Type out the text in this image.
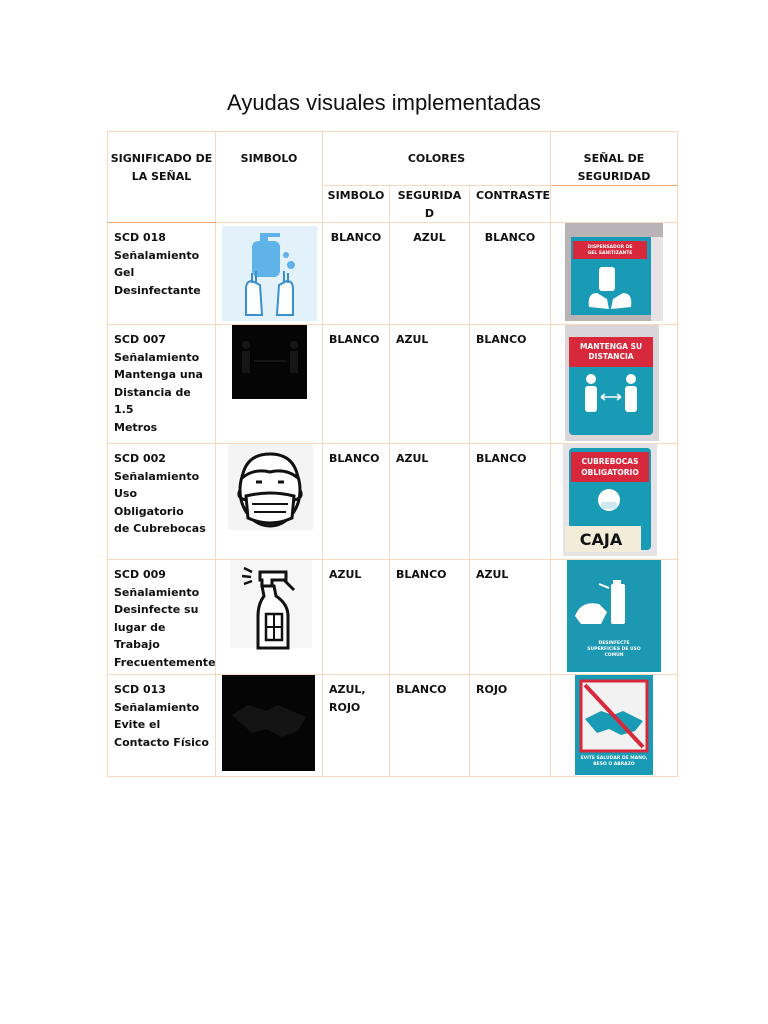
Ayudas visuales implementadas
SIGNIFICADO DE
LA SEÑAL	SIMBOLO	COLORES			SEÑAL DE
SEGURIDAD

		SIMBOLO	SEGURIDA
D	CONTRASTE	

SCD 018
Señalamiento
Gel
Desinfectante		BLANCO	AZUL	BLANCO	DISPENSADOR DE
GEL SANITIZANTE

SCD 007
Señalamiento
Mantenga una
Distancia de 1.5
Metros		BLANCO	AZUL	BLANCO	MANTENGA SU
DISTANCIA

SCD 002
Señalamiento
Uso Obligatorio
de Cubrebocas		BLANCO	AZUL	BLANCO	CUBREBOCAS
OBLIGATORIO
CAJA

SCD 009
Señalamiento
Desinfecte su
lugar de Trabajo
Frecuentemente		AZUL	BLANCO	AZUL	DESINFECTE
SUPERFICIES DE USO
COMÚN

SCD 013
Señalamiento
Evite el
Contacto Físico		AZUL,
ROJO	BLANCO	ROJO	EVITE SALUDAR DE MANO,
BESO O ABRAZO
